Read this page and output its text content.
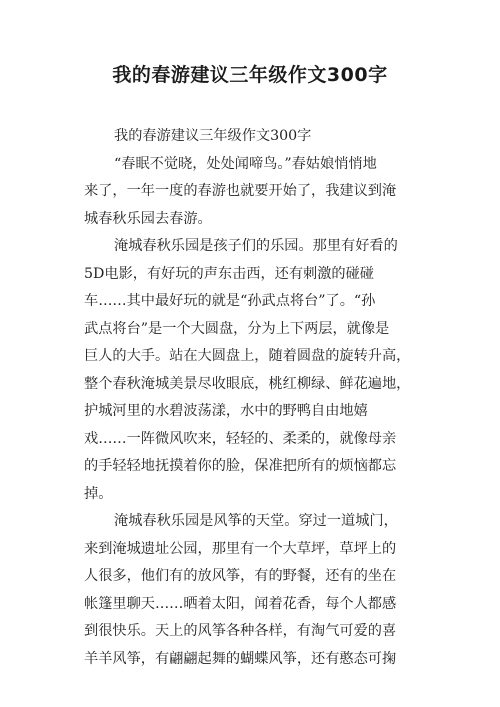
我的春游建议三年级作文300字
我的春游建议三年级作文300字
“春眠不觉晓，处处闻啼鸟。”春姑娘悄悄地
来了，一年一度的春游也就要开始了，我建议到淹
城春秋乐园去春游。
淹城春秋乐园是孩子们的乐园。那里有好看的
5D电影，有好玩的声东击西，还有刺激的碰碰
车……其中最好玩的就是“孙武点将台”了。“孙
武点将台”是一个大圆盘，分为上下两层，就像是
巨人的大手。站在大圆盘上，随着圆盘的旋转升高，
整个春秋淹城美景尽收眼底，桃红柳绿、鲜花遍地，
护城河里的水碧波荡漾，水中的野鸭自由地嬉
戏……一阵微风吹来，轻轻的、柔柔的，就像母亲
的手轻轻地抚摸着你的脸，保准把所有的烦恼都忘
掉。
淹城春秋乐园是风筝的天堂。穿过一道城门，
来到淹城遗址公园，那里有一个大草坪，草坪上的
人很多，他们有的放风筝，有的野餐，还有的坐在
帐篷里聊天……晒着太阳，闻着花香，每个人都感
到很快乐。天上的风筝各种各样，有淘气可爱的喜
羊羊风筝，有翩翩起舞的蝴蝶风筝，还有憨态可掬
